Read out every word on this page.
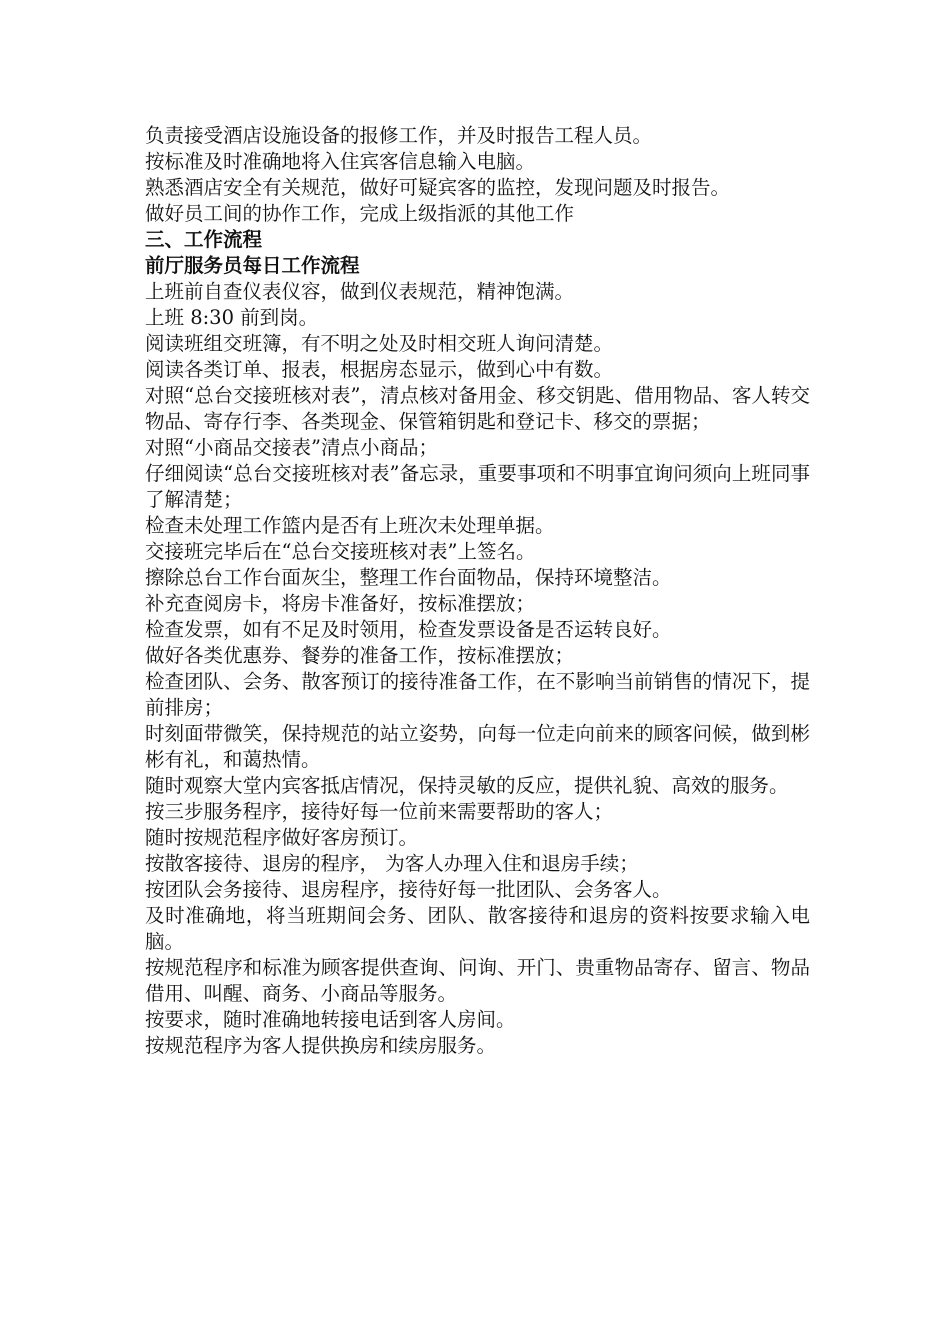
负责接受酒店设施设备的报修工作，并及时报告工程人员。

按标准及时准确地将入住宾客信息输入电脑。

熟悉酒店安全有关规范，做好可疑宾客的监控，发现问题及时报告。

做好员工间的协作工作，完成上级指派的其他工作

三、工作流程

前厅服务员每日工作流程

上班前自查仪表仪容，做到仪表规范，精神饱满。

上班 8:30 前到岗。

阅读班组交班簿，有不明之处及时相交班人询问清楚。

阅读各类订单、报表，根据房态显示，做到心中有数。

对照“总台交接班核对表”，清点核对备用金、移交钥匙、借用物品、客人转交物品、寄存行李、各类现金、保管箱钥匙和登记卡、移交的票据；

对照“小商品交接表”清点小商品；

仔细阅读“总台交接班核对表”备忘录，重要事项和不明事宜询问须向上班同事了解清楚；

检查未处理工作篮内是否有上班次未处理单据。

交接班完毕后在“总台交接班核对表”上签名。

擦除总台工作台面灰尘，整理工作台面物品，保持环境整洁。

补充查阅房卡，将房卡准备好，按标准摆放；

检查发票，如有不足及时领用，检查发票设备是否运转良好。

做好各类优惠券、餐券的准备工作，按标准摆放；

检查团队、会务、散客预订的接待准备工作，在不影响当前销售的情况下，提前排房；

时刻面带微笑，保持规范的站立姿势，向每一位走向前来的顾客问候，做到彬彬有礼，和蔼热情。

随时观察大堂内宾客抵店情况，保持灵敏的反应，提供礼貌、高效的服务。

按三步服务程序，接待好每一位前来需要帮助的客人；

随时按规范程序做好客房预订。

按散客接待、退房的程序， 为客人办理入住和退房手续；

按团队会务接待、退房程序，接待好每一批团队、会务客人。

及时准确地，将当班期间会务、团队、散客接待和退房的资料按要求输入电脑。

按规范程序和标准为顾客提供查询、问询、开门、贵重物品寄存、留言、物品借用、叫醒、商务、小商品等服务。

按要求，随时准确地转接电话到客人房间。

按规范程序为客人提供换房和续房服务。
